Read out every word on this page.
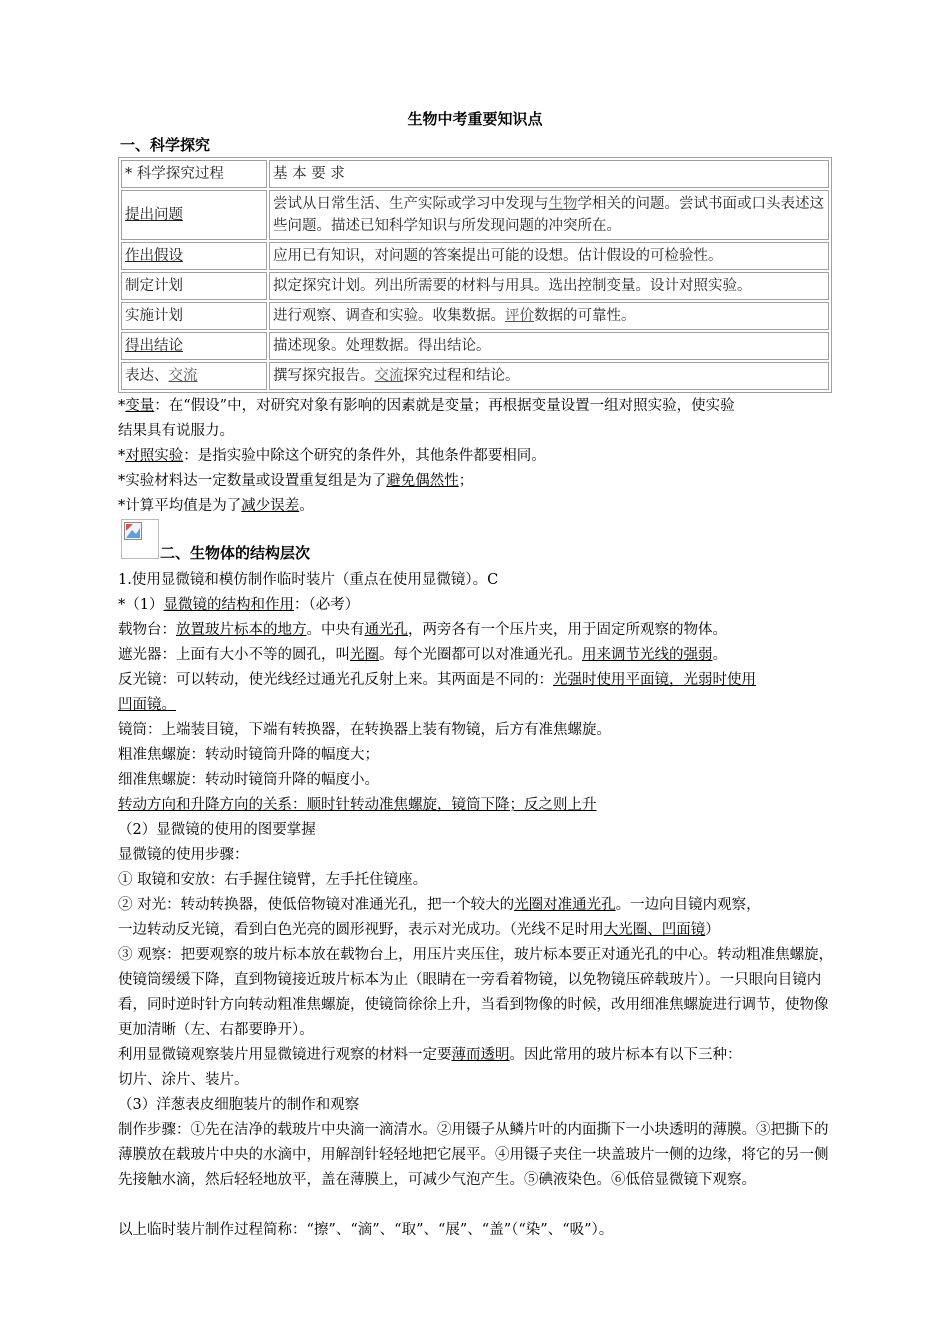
生物中考重要知识点
一、科学探究
* 科学探究过程	基 本 要 求
提出问题	尝试从日常生活、生产实际或学习中发现与生物学相关的问题。尝试书面或口头表述这些问题。描述已知科学知识与所发现问题的冲突所在。
作出假设	应用已有知识，对问题的答案提出可能的设想。估计假设的可检验性。
制定计划	拟定探究计划。列出所需要的材料与用具。选出控制变量。设计对照实验。
实施计划	进行观察、调查和实验。收集数据。评价数据的可靠性。
得出结论	描述现象。处理数据。得出结论。
表达、交流	撰写探究报告。交流探究过程和结论。
*变量：在“假设”中，对研究对象有影响的因素就是变量；再根据变量设置一组对照实验，使实验
结果具有说服力。
*对照实验：是指实验中除这个研究的条件外，其他条件都要相同。
*实验材料达一定数量或设置重复组是为了避免偶然性；
*计算平均值是为了减少误差。
二、生物体的结构层次
1.使用显微镜和模仿制作临时装片（重点在使用显微镜）。C
*（1）显微镜的结构和作用：（必考）
载物台：放置玻片标本的地方。中央有通光孔，两旁各有一个压片夹，用于固定所观察的物体。
遮光器：上面有大小不等的圆孔，叫光圈。每个光圈都可以对准通光孔。用来调节光线的强弱。
反光镜：可以转动，使光线经过通光孔反射上来。其两面是不同的：光强时使用平面镜，光弱时使用
凹面镜。
镜筒：上端装目镜，下端有转换器，在转换器上装有物镜，后方有准焦螺旋。
粗准焦螺旋：转动时镜筒升降的幅度大；
细准焦螺旋：转动时镜筒升降的幅度小。
转动方向和升降方向的关系：顺时针转动准焦螺旋，镜筒下降；反之则上升
（2）显微镜的使用的图要掌握
显微镜的使用步骤：
① 取镜和安放：右手握住镜臂，左手托住镜座。
② 对光：转动转换器，使低倍物镜对准通光孔，把一个较大的光圈对准通光孔。一边向目镜内观察，
一边转动反光镜，看到白色光亮的圆形视野，表示对光成功。（光线不足时用大光圈、凹面镜）
③ 观察：把要观察的玻片标本放在载物台上，用压片夹压住，玻片标本要正对通光孔的中心。转动粗准焦螺旋，使镜筒缓缓下降，直到物镜接近玻片标本为止（眼睛在一旁看着物镜，以免物镜压碎载玻片）。一只眼向目镜内看，同时逆时针方向转动粗准焦螺旋，使镜筒徐徐上升，当看到物像的时候，改用细准焦螺旋进行调节，使物像更加清晰（左、右都要睁开）。
利用显微镜观察装片用显微镜进行观察的材料一定要薄而透明。因此常用的玻片标本有以下三种：
切片、涂片、装片。
（3）洋葱表皮细胞装片的制作和观察
制作步骤：①先在洁净的载玻片中央滴一滴清水。②用镊子从鳞片叶的内面撕下一小块透明的薄膜。③把撕下的薄膜放在载玻片中央的水滴中，用解剖针轻轻地把它展平。④用镊子夹住一块盖玻片一侧的边缘，将它的另一侧先接触水滴，然后轻轻地放平，盖在薄膜上，可减少气泡产生。⑤碘液染色。⑥低倍显微镜下观察。
以上临时装片制作过程简称：“擦”、“滴”、“取”、“展”、“盖”（“染”、“吸”）。
